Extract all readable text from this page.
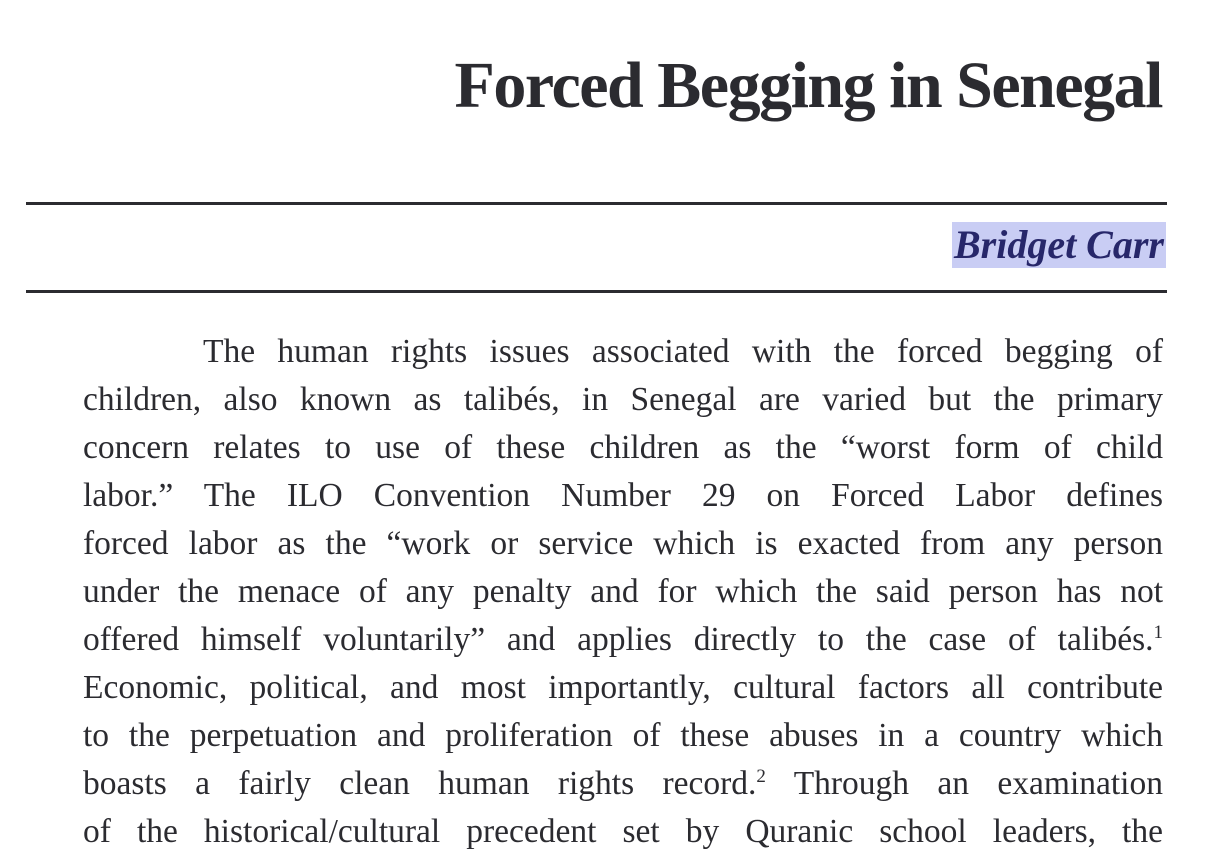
Forced Begging in Senegal
Bridget Carr
The human rights issues associated with the forced begging of
children, also known as talibés, in Senegal are varied but the primary
concern relates to use of these children as the “worst form of child
labor.” The ILO Convention Number 29 on Forced Labor defines
forced labor as the “work or service which is exacted from any person
under the menace of any penalty and for which the said person has not
offered himself voluntarily” and applies directly to the case of talibés.$^1$
Economic, political, and most importantly, cultural factors all contribute
to the perpetuation and proliferation of these abuses in a country which
boasts a fairly clean human rights record.$^2$ Through an examination
of the historical/cultural precedent set by Quranic school leaders, the
